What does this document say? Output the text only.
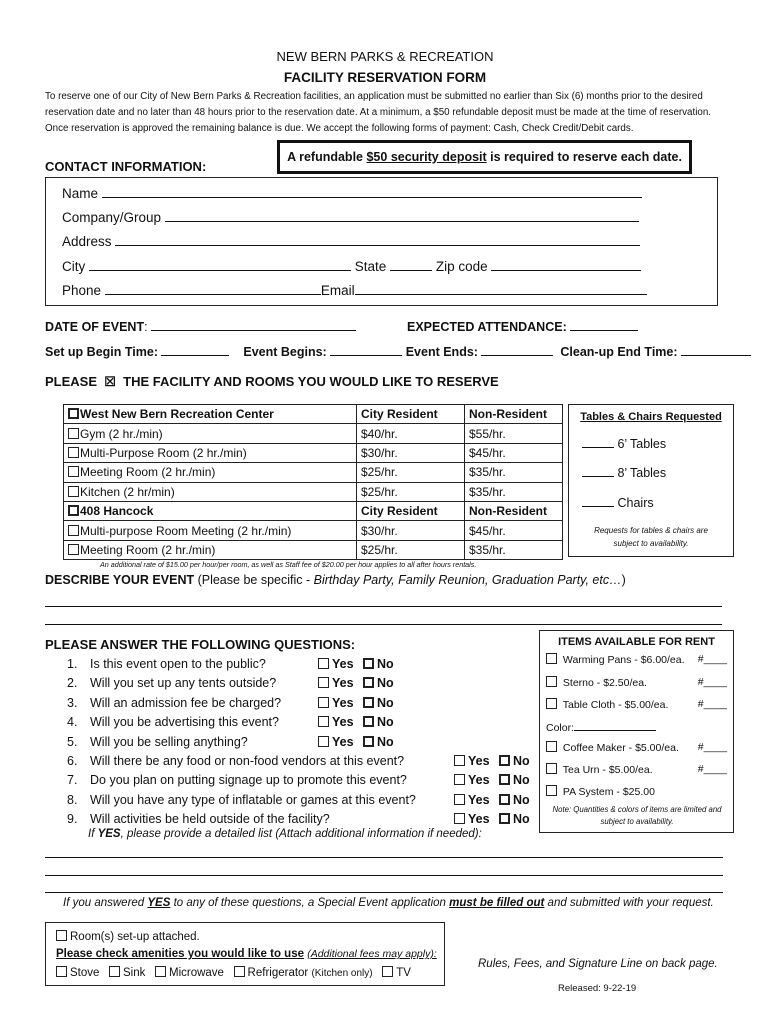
NEW BERN PARKS & RECREATION
FACILITY RESERVATION FORM
To reserve one of our City of New Bern Parks & Recreation facilities, an application must be submitted no earlier than Six (6) months prior to the desired reservation date and no later than 48 hours prior to the reservation date. At a minimum, a $50 refundable deposit must be made at the time of reservation. Once reservation is approved the remaining balance is due. We accept the following forms of payment: Cash, Check Credit/Debit cards.
A refundable $50 security deposit is required to reserve each date.
CONTACT INFORMATION:
Name
Company/Group
Address
City	State	Zip code
Phone	Email
DATE OF EVENT:	EXPECTED ATTENDANCE:
Set up Begin Time:	Event Begins:	Event Ends:	Clean-up End Time:
PLEASE ☒ THE FACILITY AND ROOMS YOU WOULD LIKE TO RESERVE
West New Bern Recreation Center	City Resident	Non-Resident
Gym (2 hr./min)	$40/hr.	$55/hr.
Multi-Purpose Room (2 hr./min)	$30/hr.	$45/hr.
Meeting Room (2 hr./min)	$25/hr.	$35/hr.
Kitchen (2 hr/min)	$25/hr.	$35/hr.
408 Hancock	City Resident	Non-Resident
Multi-purpose Room Meeting (2 hr./min)	$30/hr.	$45/hr.
Meeting Room (2 hr./min)	$25/hr.	$35/hr.
An additional rate of $15.00 per hour/per room, as well as Staff fee of $20.00 per hour applies to all after hours rentals.
Tables & Chairs Requested
6’ Tables
8’ Tables
Chairs
Requests for tables & chairs are subject to availability.
DESCRIBE YOUR EVENT (Please be specific - Birthday Party, Family Reunion, Graduation Party, etc…)
PLEASE ANSWER THE FOLLOWING QUESTIONS:
1. Is this event open to the public?	Yes	No
2. Will you set up any tents outside?	Yes	No
3. Will an admission fee be charged?	Yes	No
4. Will you be advertising this event?	Yes	No
5. Will you be selling anything?	Yes	No
6. Will there be any food or non-food vendors at this event?	Yes	No
7. Do you plan on putting signage up to promote this event?	Yes	No
8. Will you have any type of inflatable or games at this event?	Yes	No
9. Will activities be held outside of the facility?	Yes	No
If YES, please provide a detailed list (Attach additional information if needed):
ITEMS AVAILABLE FOR RENT
Warming Pans - $6.00/ea. #____
Sterno - $2.50/ea.	#____
Table Cloth - $5.00/ea.	#____
Coffee Maker - $5.00/ea. #____
Tea Urn - $5.00/ea.	#____
PA System - $25.00
Color:
Note: Quantities & colors of items are limited and subject to availability.
If you answered YES to any of these questions, a Special Event application must be filled out and submitted with your request.
Room(s) set-up attached.
Please check amenities you would like to use (Additional fees may apply):
Stove Sink Microwave Refrigerator (Kitchen only) TV
Rules, Fees, and Signature Line on back page.
Released: 9-22-19
